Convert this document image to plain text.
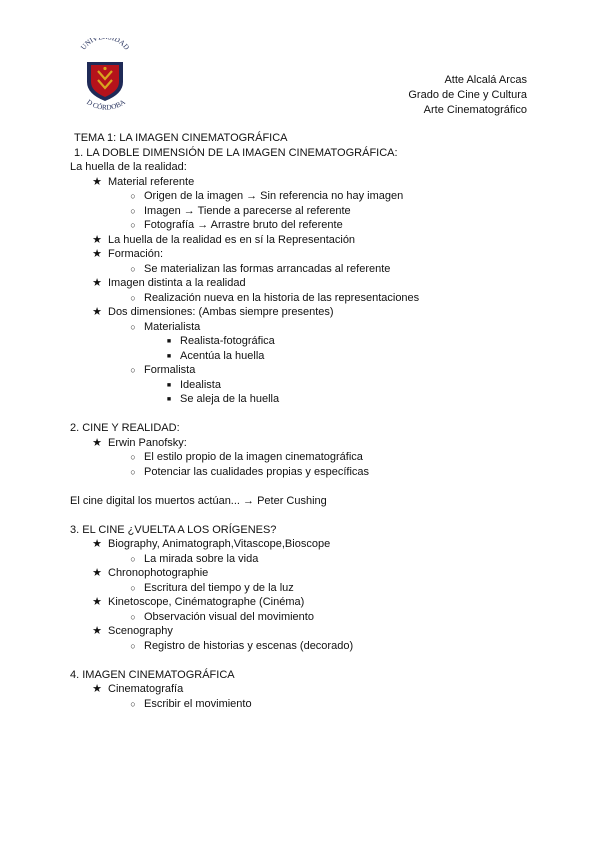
UNIV IDAD
D CÓRDOBA
Atte Alcalá Arcas
Grado de Cine y Cultura
Arte Cinematográfico
TEMA 1: LA IMAGEN CINEMATOGRÁFICA
1. LA DOBLE DIMENSIÓN DE LA IMAGEN CINEMATOGRÁFICA:
La huella de la realidad:
★ Material referente
○ Origen de la imagen → Sin referencia no hay imagen
○ Imagen → Tiende a parecerse al referente
○ Fotografía → Arrastre bruto del referente
★ La huella de la realidad es en sí la Representación
★ Formación:
○ Se materializan las formas arrancadas al referente
★ Imagen distinta a la realidad
○ Realización nueva en la historia de las representaciones
★ Dos dimensiones: (Ambas siempre presentes)
○ Materialista
■ Realista-fotográfica
■ Acentúa la huella
○ Formalista
■ Idealista
■ Se aleja de la huella
2. CINE Y REALIDAD:
★ Erwin Panofsky:
○ El estilo propio de la imagen cinematográfica
○ Potenciar las cualidades propias y específicas
El cine digital los muertos actúan... → Peter Cushing
3. EL CINE ¿VUELTA A LOS ORÍGENES?
★ Biography, Animatograph,Vitascope,Bioscope
○ La mirada sobre la vida
★ Chronophotographie
○ Escritura del tiempo y de la luz
★ Kinetoscope, Cinématographe (Cinéma)
○ Observación visual del movimiento
★ Scenography
○ Registro de historias y escenas (decorado)
4. IMAGEN CINEMATOGRÁFICA
★ Cinematografía
○ Escribir el movimiento
